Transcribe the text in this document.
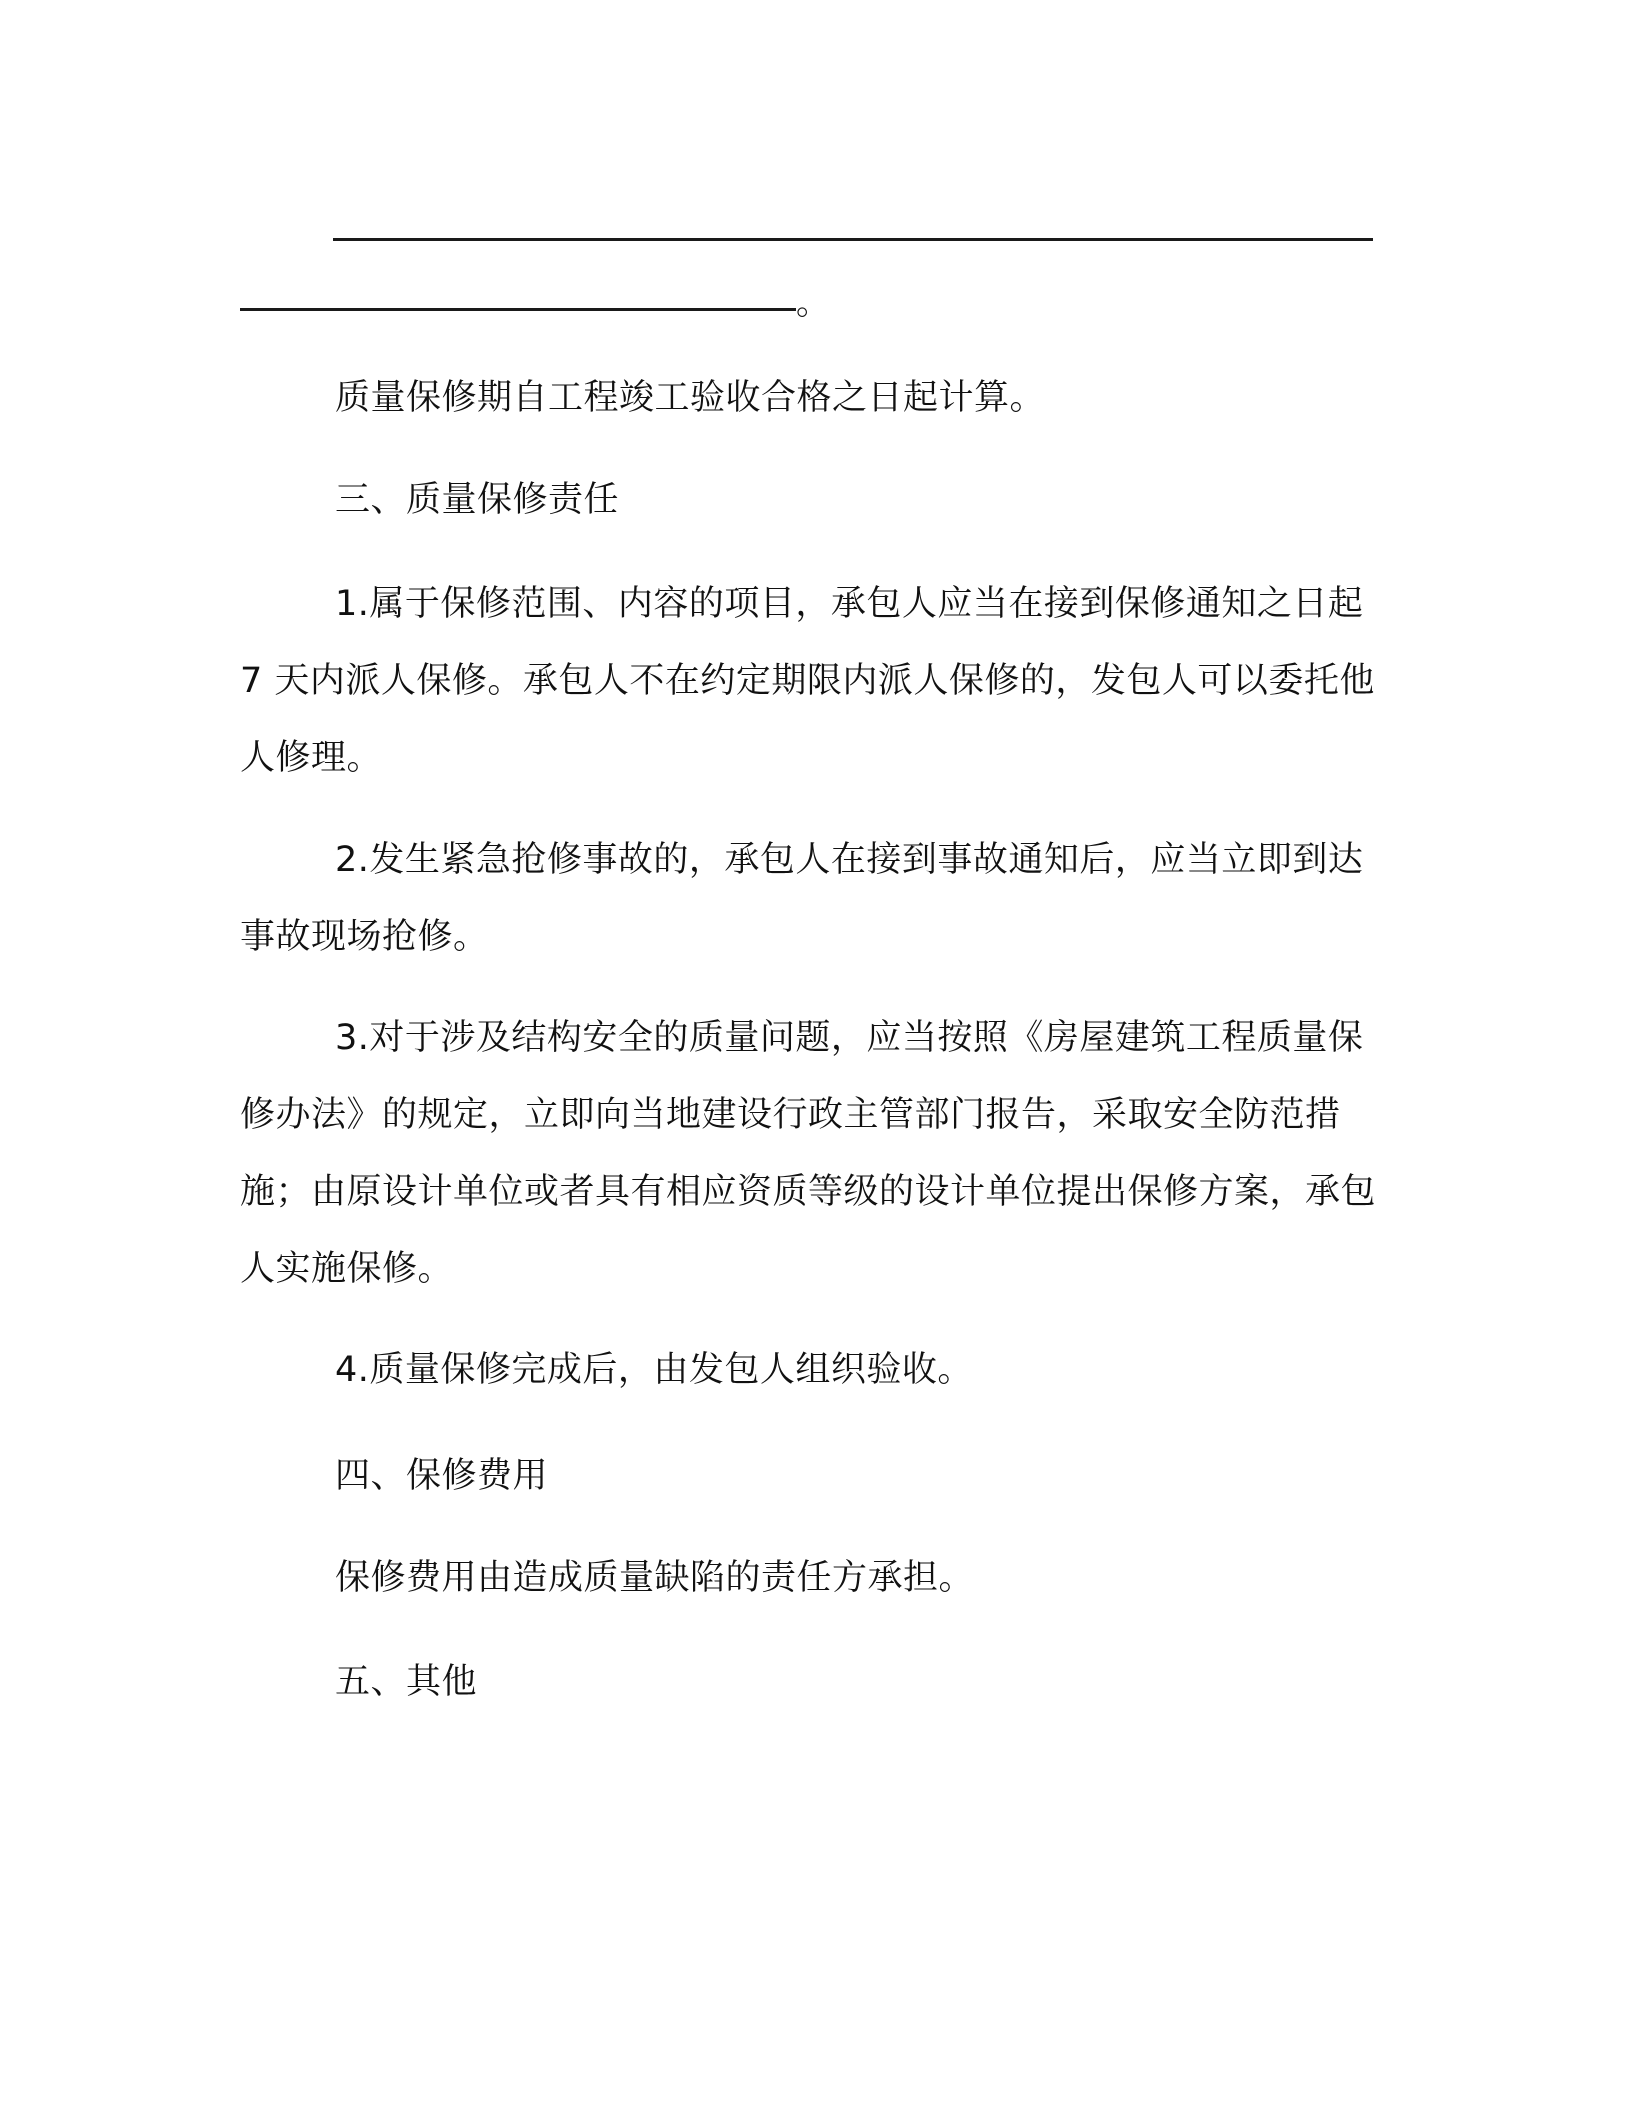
。

质量保修期自工程竣工验收合格之日起计算。

三、质量保修责任

1.属于保修范围、内容的项目，承包人应当在接到保修通知之日起 7 天内派人保修。承包人不在约定期限内派人保修的，发包人可以委托他人修理。

2.发生紧急抢修事故的，承包人在接到事故通知后，应当立即到达事故现场抢修。

3.对于涉及结构安全的质量问题，应当按照《房屋建筑工程质量保修办法》的规定，立即向当地建设行政主管部门报告，采取安全防范措施；由原设计单位或者具有相应资质等级的设计单位提出保修方案，承包人实施保修。

4.质量保修完成后，由发包人组织验收。

四、保修费用

保修费用由造成质量缺陷的责任方承担。

五、其他
